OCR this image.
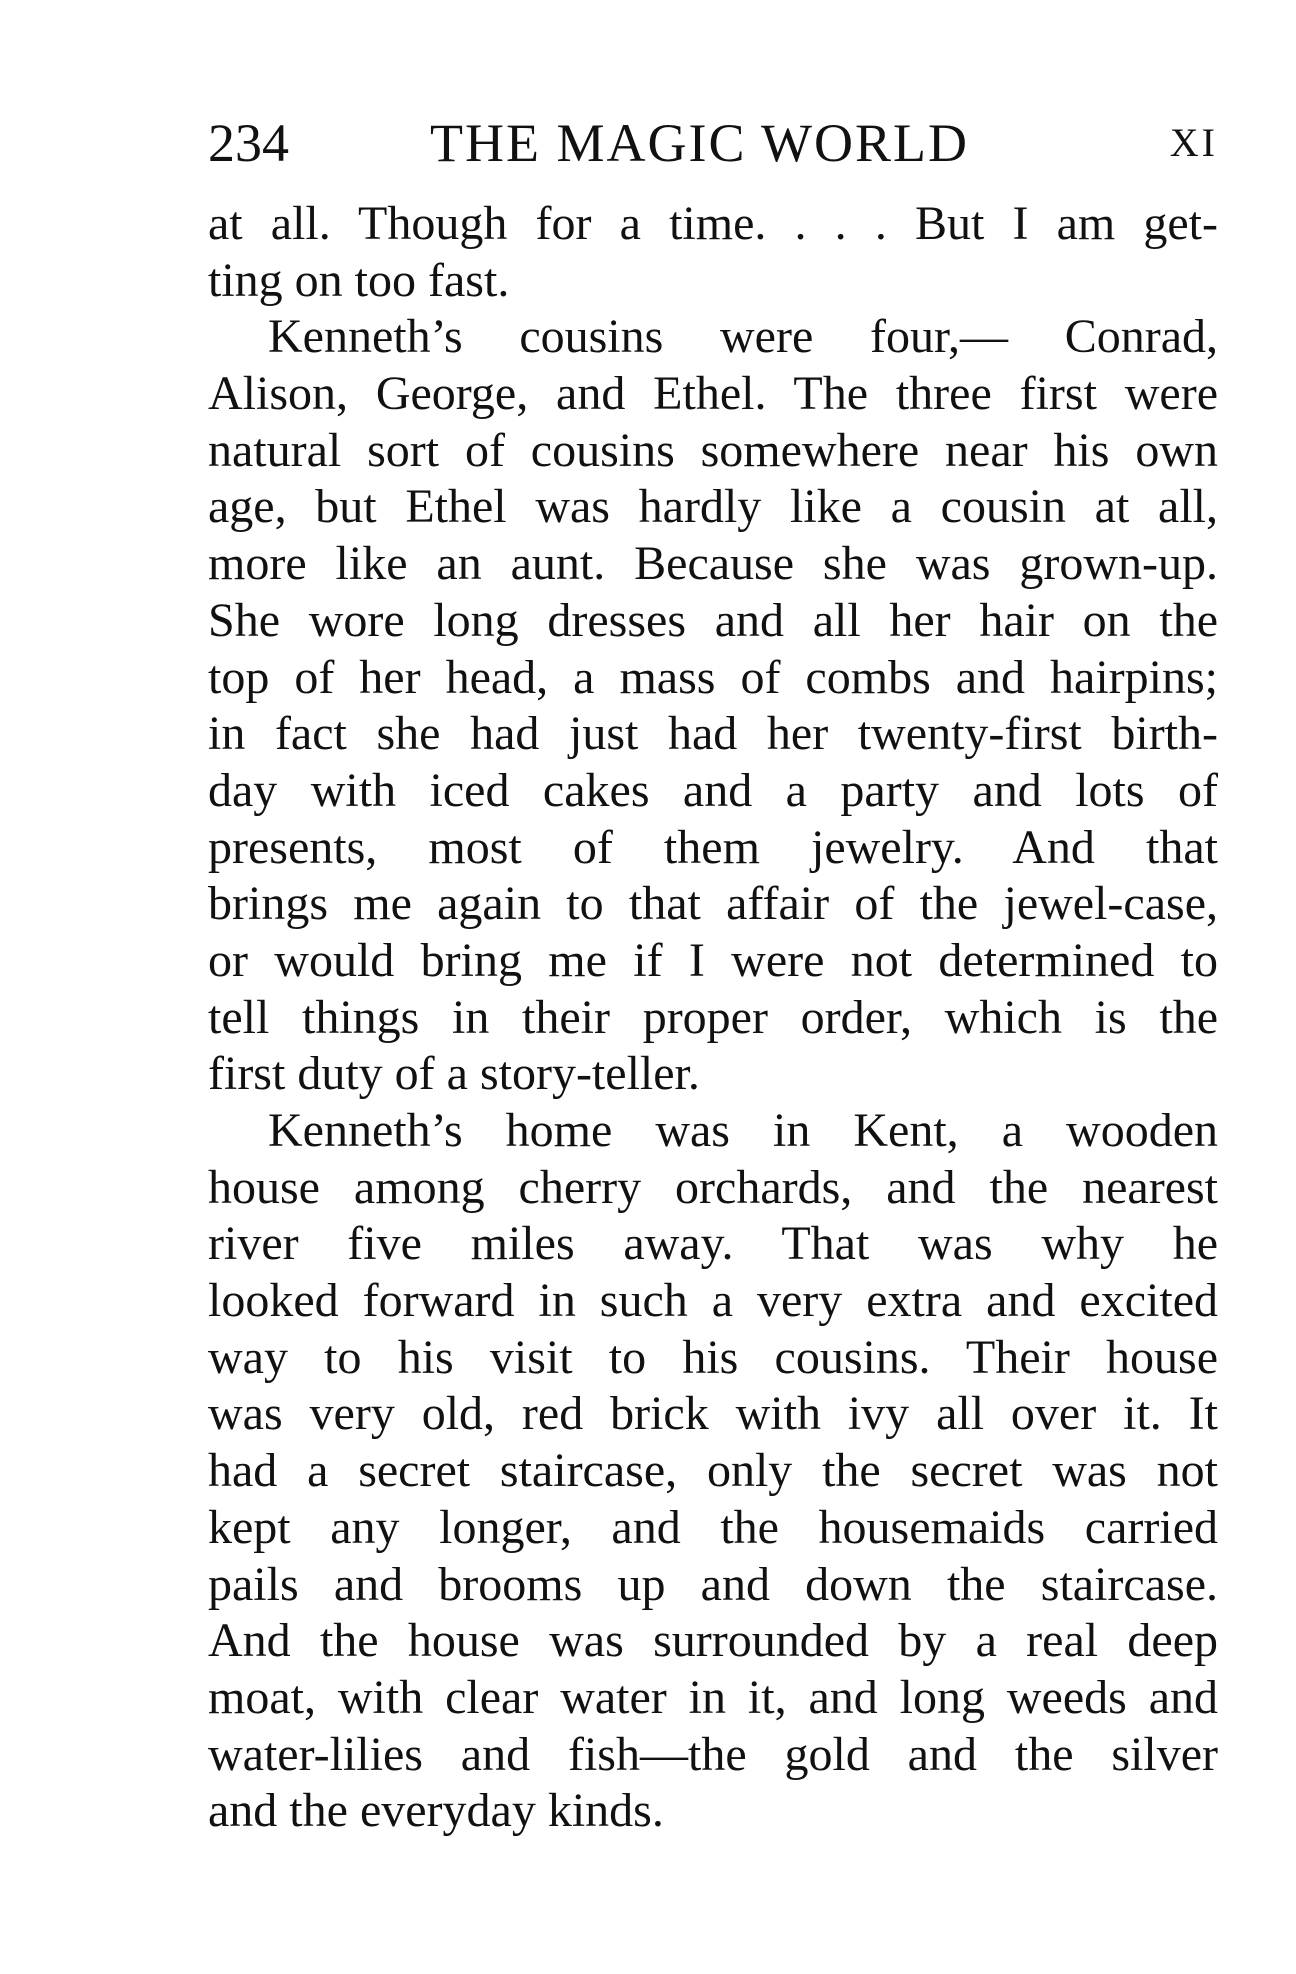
234	THE MAGIC WORLD	XI
at all. Though for a time. . . . But I am get-
ting on too fast.
Kenneth’s cousins were four,— Conrad,
Alison, George, and Ethel. The three first were
natural sort of cousins somewhere near his own
age, but Ethel was hardly like a cousin at all,
more like an aunt. Because she was grown-up.
She wore long dresses and all her hair on the
top of her head, a mass of combs and hairpins;
in fact she had just had her twenty-first birth-
day with iced cakes and a party and lots of
presents, most of them jewelry. And that
brings me again to that affair of the jewel-case,
or would bring me if I were not determined to
tell things in their proper order, which is the
first duty of a story-teller.
Kenneth’s home was in Kent, a wooden
house among cherry orchards, and the nearest
river five miles away. That was why he
looked forward in such a very extra and excited
way to his visit to his cousins. Their house
was very old, red brick with ivy all over it. It
had a secret staircase, only the secret was not
kept any longer, and the housemaids carried
pails and brooms up and down the staircase.
And the house was surrounded by a real deep
moat, with clear water in it, and long weeds and
water-lilies and fish—the gold and the silver
and the everyday kinds.
